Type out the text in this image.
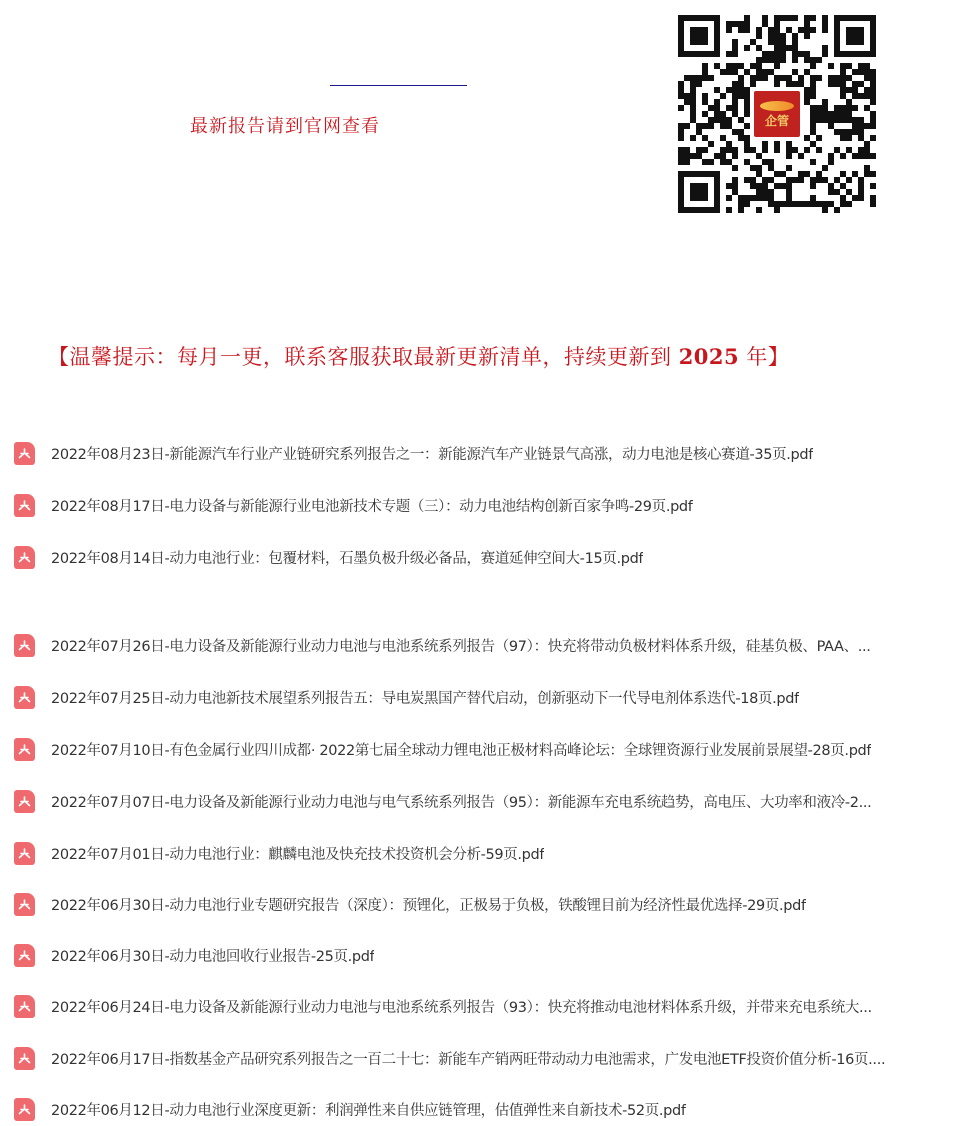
最新报告请到官网查看	企管
【温馨提示：每月一更，联系客服获取最新更新清单，持续更新到 2025 年】
2022年08月23日-新能源汽车行业产业链研究系列报告之一：新能源汽车产业链景气高涨，动力电池是核心赛道-35页.pdf
2022年08月17日-电力设备与新能源行业电池新技术专题（三）：动力电池结构创新百家争鸣-29页.pdf
2022年08月14日-动力电池行业：包覆材料，石墨负极升级必备品，赛道延伸空间大-15页.pdf
2022年07月26日-电力设备及新能源行业动力电池与电池系统系列报告（97）：快充将带动负极材料体系升级，硅基负极、PAA、...
2022年07月25日-动力电池新技术展望系列报告五：导电炭黑国产替代启动，创新驱动下一代导电剂体系迭代-18页.pdf
2022年07月10日-有色金属行业四川成都· 2022第七届全球动力锂电池正极材料高峰论坛：全球锂资源行业发展前景展望-28页.pdf
2022年07月07日-电力设备及新能源行业动力电池与电气系统系列报告（95）：新能源车充电系统趋势，高电压、大功率和液冷-2...
2022年07月01日-动力电池行业：麒麟电池及快充技术投资机会分析-59页.pdf
2022年06月30日-动力电池行业专题研究报告（深度）：预锂化，正极易于负极，铁酸锂目前为经济性最优选择-29页.pdf
2022年06月30日-动力电池回收行业报告-25页.pdf
2022年06月24日-电力设备及新能源行业动力电池与电池系统系列报告（93）：快充将推动电池材料体系升级，并带来充电系统大...
2022年06月17日-指数基金产品研究系列报告之一百二十七：新能车产销两旺带动动力电池需求，广发电池ETF投资价值分析-16页....
2022年06月12日-动力电池行业深度更新：利润弹性来自供应链管理，估值弹性来自新技术-52页.pdf
